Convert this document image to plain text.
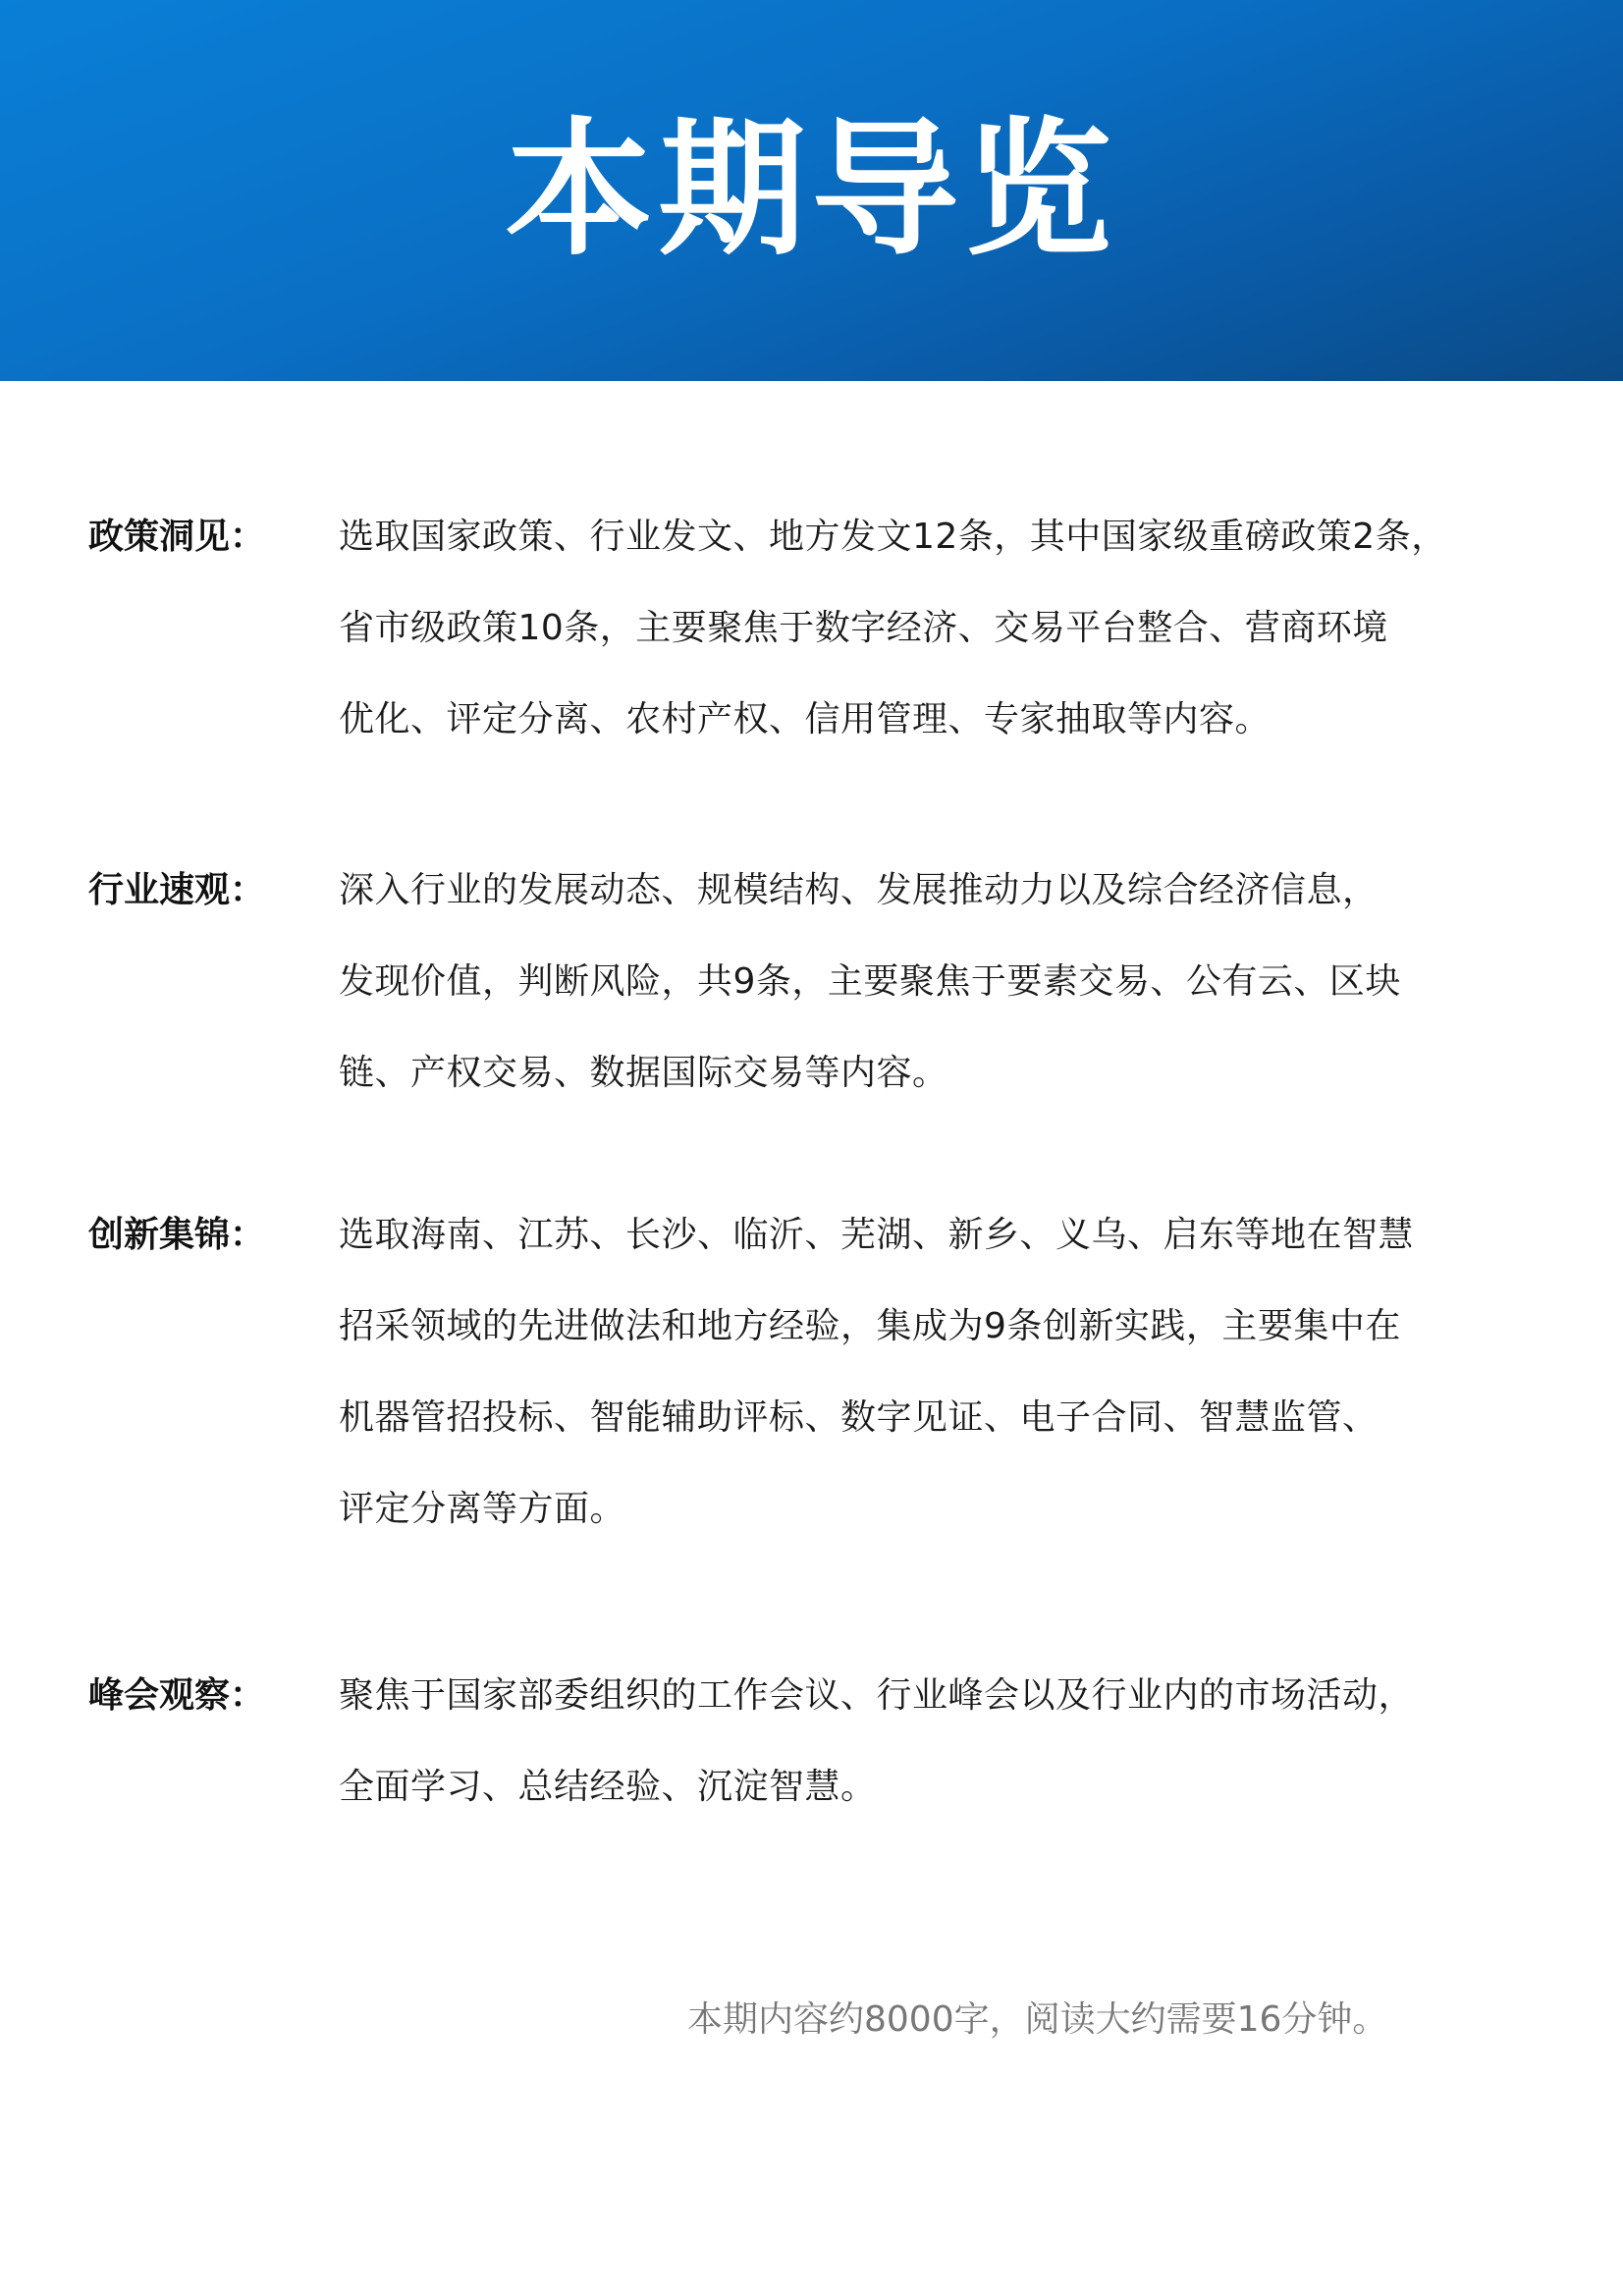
本期导览
政策洞见：	选取国家政策、行业发文、地方发文12条，其中国家级重磅政策2条，
省市级政策10条，主要聚焦于数字经济、交易平台整合、营商环境
优化、评定分离、农村产权、信用管理、专家抽取等内容。
行业速观：	深入行业的发展动态、规模结构、发展推动力以及综合经济信息，
发现价值，判断风险，共9条，主要聚焦于要素交易、公有云、区块
链、产权交易、数据国际交易等内容。
创新集锦：	选取海南、江苏、长沙、临沂、芜湖、新乡、义乌、启东等地在智慧
招采领域的先进做法和地方经验，集成为9条创新实践，主要集中在
机器管招投标、智能辅助评标、数字见证、电子合同、智慧监管、
评定分离等方面。
峰会观察：	聚焦于国家部委组织的工作会议、行业峰会以及行业内的市场活动，
全面学习、总结经验、沉淀智慧。
本期内容约8000字，阅读大约需要16分钟。
